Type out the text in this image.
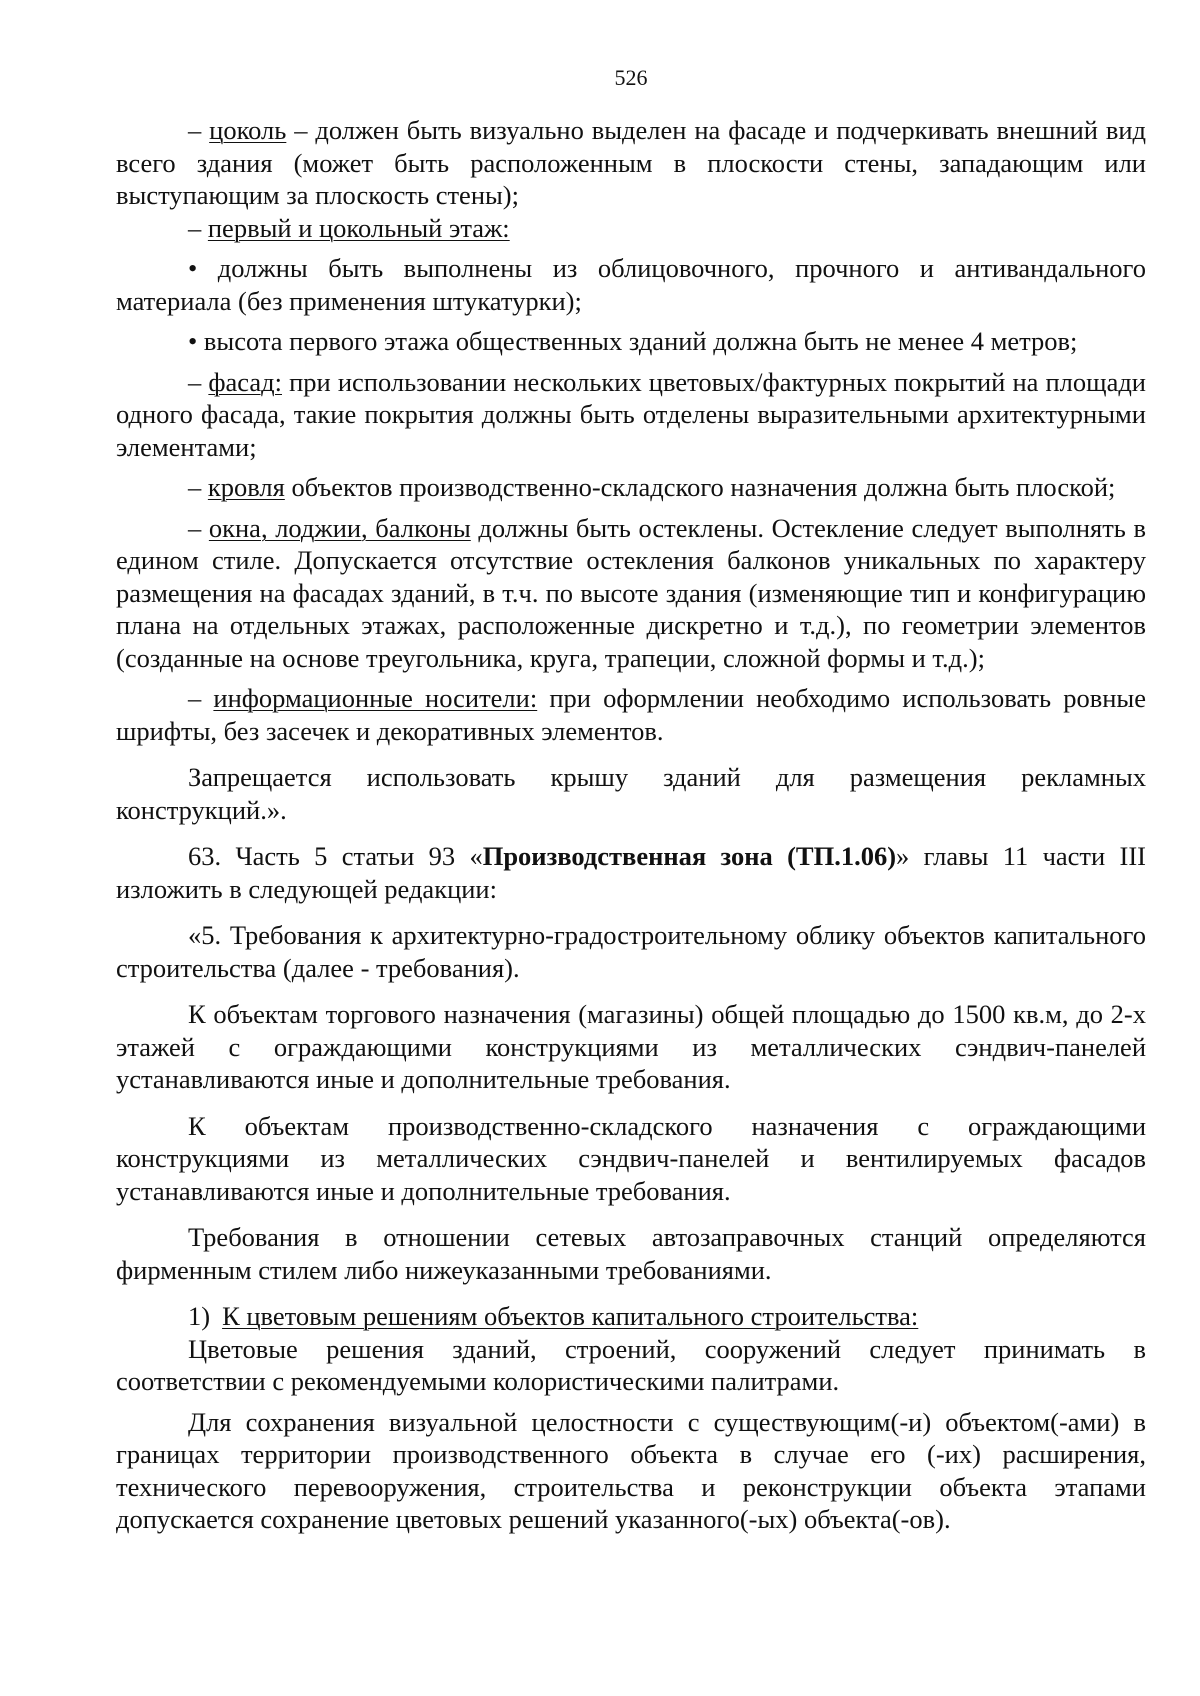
526

– цоколь – должен быть визуально выделен на фасаде и подчеркивать внешний вид всего здания (может быть расположенным в плоскости стены, западающим или выступающим за плоскость стены);

– первый и цокольный этаж:

• должны быть выполнены из облицовочного, прочного и антивандального материала (без применения штукатурки);

• высота первого этажа общественных зданий должна быть не менее 4 метров;

– фасад: при использовании нескольких цветовых/фактурных покрытий на площади одного фасада, такие покрытия должны быть отделены выразительными архитектурными элементами;

– кровля объектов производственно-складского назначения должна быть плоской;

– окна, лоджии, балконы должны быть остеклены. Остекление следует выполнять в едином стиле. Допускается отсутствие остекления балконов уникальных по характеру размещения на фасадах зданий, в т.ч. по высоте здания (изменяющие тип и конфигурацию плана на отдельных этажах, расположенные дискретно и т.д.), по геометрии элементов (созданные на основе треугольника, круга, трапеции, сложной формы и т.д.);

– информационные носители: при оформлении необходимо использовать ровные шрифты, без засечек и декоративных элементов.

Запрещается использовать крышу зданий для размещения рекламных конструкций.».

63. Часть 5 статьи 93 «Производственная зона (ТП.1.06)» главы 11 части III изложить в следующей редакции:

«5. Требования к архитектурно-градостроительному облику объектов капитального строительства (далее - требования).

К объектам торгового назначения (магазины) общей площадью до 1500 кв.м, до 2-х этажей с ограждающими конструкциями из металлических сэндвич-панелей устанавливаются иные и дополнительные требования.

К объектам производственно-складского назначения с ограждающими конструкциями из металлических сэндвич-панелей и вентилируемых фасадов устанавливаются иные и дополнительные требования.

Требования в отношении сетевых автозаправочных станций определяются фирменным стилем либо нижеуказанными требованиями.

1) К цветовым решениям объектов капитального строительства:

Цветовые решения зданий, строений, сооружений следует принимать в соответствии с рекомендуемыми колористическими палитрами.

Для сохранения визуальной целостности с существующим(-и) объектом(-ами) в границах территории производственного объекта в случае его (-их) расширения, технического перевооружения, строительства и реконструкции объекта этапами допускается сохранение цветовых решений указанного(-ых) объекта(-ов).
